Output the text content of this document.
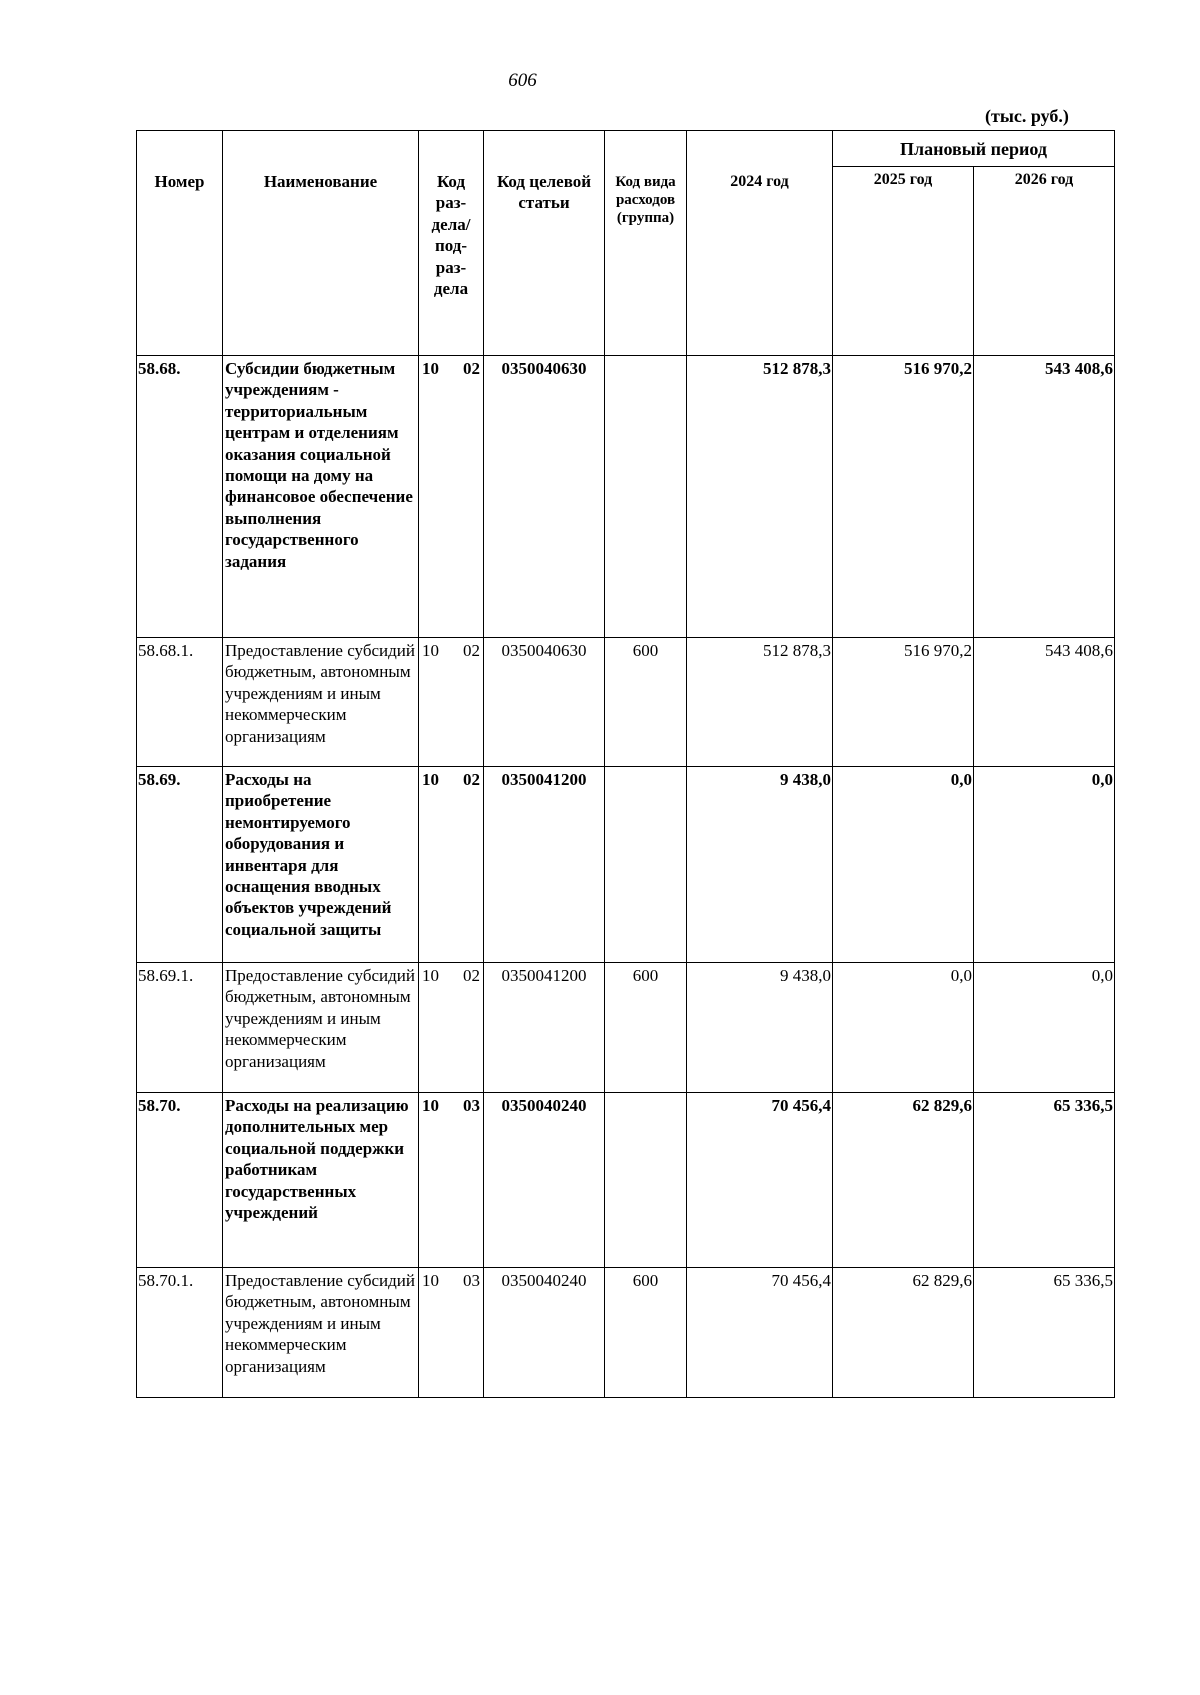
606
(тыс. руб.)
Номер	Наименование	Код раз-дела/ под-раз-дела	Код целевой статьи	Код вида расходов (группа)	2024 год	Плановый период	
						2025 год	2026 год
58.68.	Субсидии бюджетным учреждениям - территориальным центрам и отделениям оказания социальной помощи на дому на финансовое обеспечение выполнения государственного задания	10 02	0350040630		512 878,3	516 970,2	543 408,6
58.68.1.	Предоставление субсидий бюджетным, автономным учреждениям и иным некоммерческим организациям	10 02	0350040630	600	512 878,3	516 970,2	543 408,6
58.69.	Расходы на приобретение немонтируемого оборудования и инвентаря для оснащения вводных объектов учреждений социальной защиты	10 02	0350041200		9 438,0	0,0	0,0
58.69.1.	Предоставление субсидий бюджетным, автономным учреждениям и иным некоммерческим организациям	10 02	0350041200	600	9 438,0	0,0	0,0
58.70.	Расходы на реализацию дополнительных мер социальной поддержки работникам государственных учреждений	10 03	0350040240		70 456,4	62 829,6	65 336,5
58.70.1.	Предоставление субсидий бюджетным, автономным учреждениям и иным некоммерческим организациям	10 03	0350040240	600	70 456,4	62 829,6	65 336,5
